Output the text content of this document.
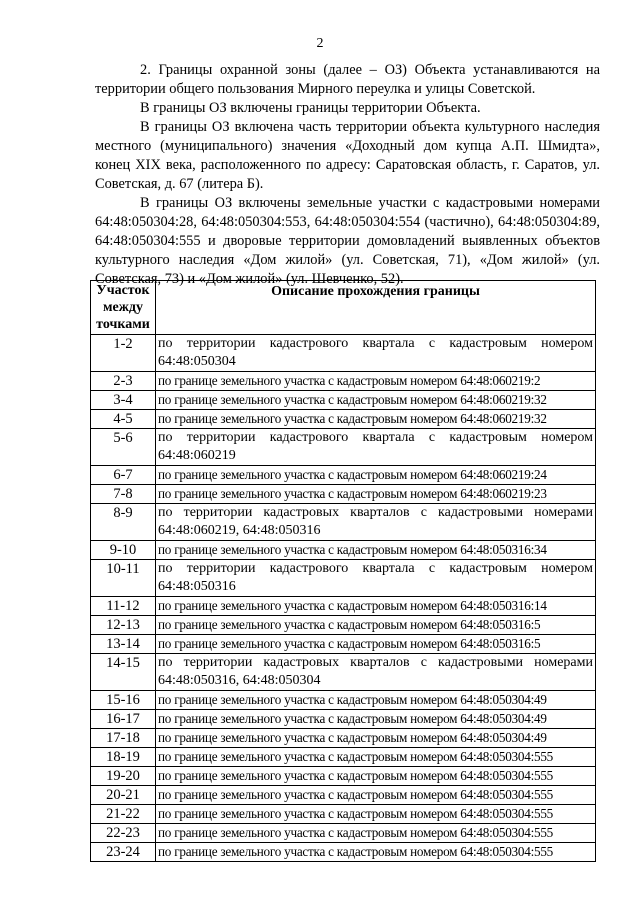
2

2. Границы охранной зоны (далее – ОЗ) Объекта устанавливаются на территории общего пользования Мирного переулка и улицы Советской.

В границы ОЗ включены границы территории Объекта.

В границы ОЗ включена часть территории объекта культурного наследия местного (муниципального) значения «Доходный дом купца А.П. Шмидта», конец XIX века, расположенного по адресу: Саратовская область, г. Саратов, ул. Советская, д. 67 (литера Б).

В границы ОЗ включены земельные участки с кадастровыми номерами 64:48:050304:28, 64:48:050304:553, 64:48:050304:554 (частично), 64:48:050304:89, 64:48:050304:555 и дворовые территории домовладений выявленных объектов культурного наследия «Дом жилой» (ул. Советская, 71), «Дом жилой» (ул. Советская, 73) и «Дом жилой» (ул. Шевченко, 52).

Участок между точками	Описание прохождения границы
1-2	по территории кадастрового квартала с кадастровым номером 64:48:050304
2-3	по границе земельного участка с кадастровым номером 64:48:060219:2
3-4	по границе земельного участка с кадастровым номером 64:48:060219:32
4-5	по границе земельного участка с кадастровым номером 64:48:060219:32
5-6	по территории кадастрового квартала с кадастровым номером 64:48:060219
6-7	по границе земельного участка с кадастровым номером 64:48:060219:24
7-8	по границе земельного участка с кадастровым номером 64:48:060219:23
8-9	по территории кадастровых кварталов с кадастровыми номерами 64:48:060219, 64:48:050316
9-10	по границе земельного участка с кадастровым номером 64:48:050316:34
10-11	по территории кадастрового квартала с кадастровым номером 64:48:050316
11-12	по границе земельного участка с кадастровым номером 64:48:050316:14
12-13	по границе земельного участка с кадастровым номером 64:48:050316:5
13-14	по границе земельного участка с кадастровым номером 64:48:050316:5
14-15	по территории кадастровых кварталов с кадастровыми номерами 64:48:050316, 64:48:050304
15-16	по границе земельного участка с кадастровым номером 64:48:050304:49
16-17	по границе земельного участка с кадастровым номером 64:48:050304:49
17-18	по границе земельного участка с кадастровым номером 64:48:050304:49
18-19	по границе земельного участка с кадастровым номером 64:48:050304:555
19-20	по границе земельного участка с кадастровым номером 64:48:050304:555
20-21	по границе земельного участка с кадастровым номером 64:48:050304:555
21-22	по границе земельного участка с кадастровым номером 64:48:050304:555
22-23	по границе земельного участка с кадастровым номером 64:48:050304:555
23-24	по границе земельного участка с кадастровым номером 64:48:050304:555
